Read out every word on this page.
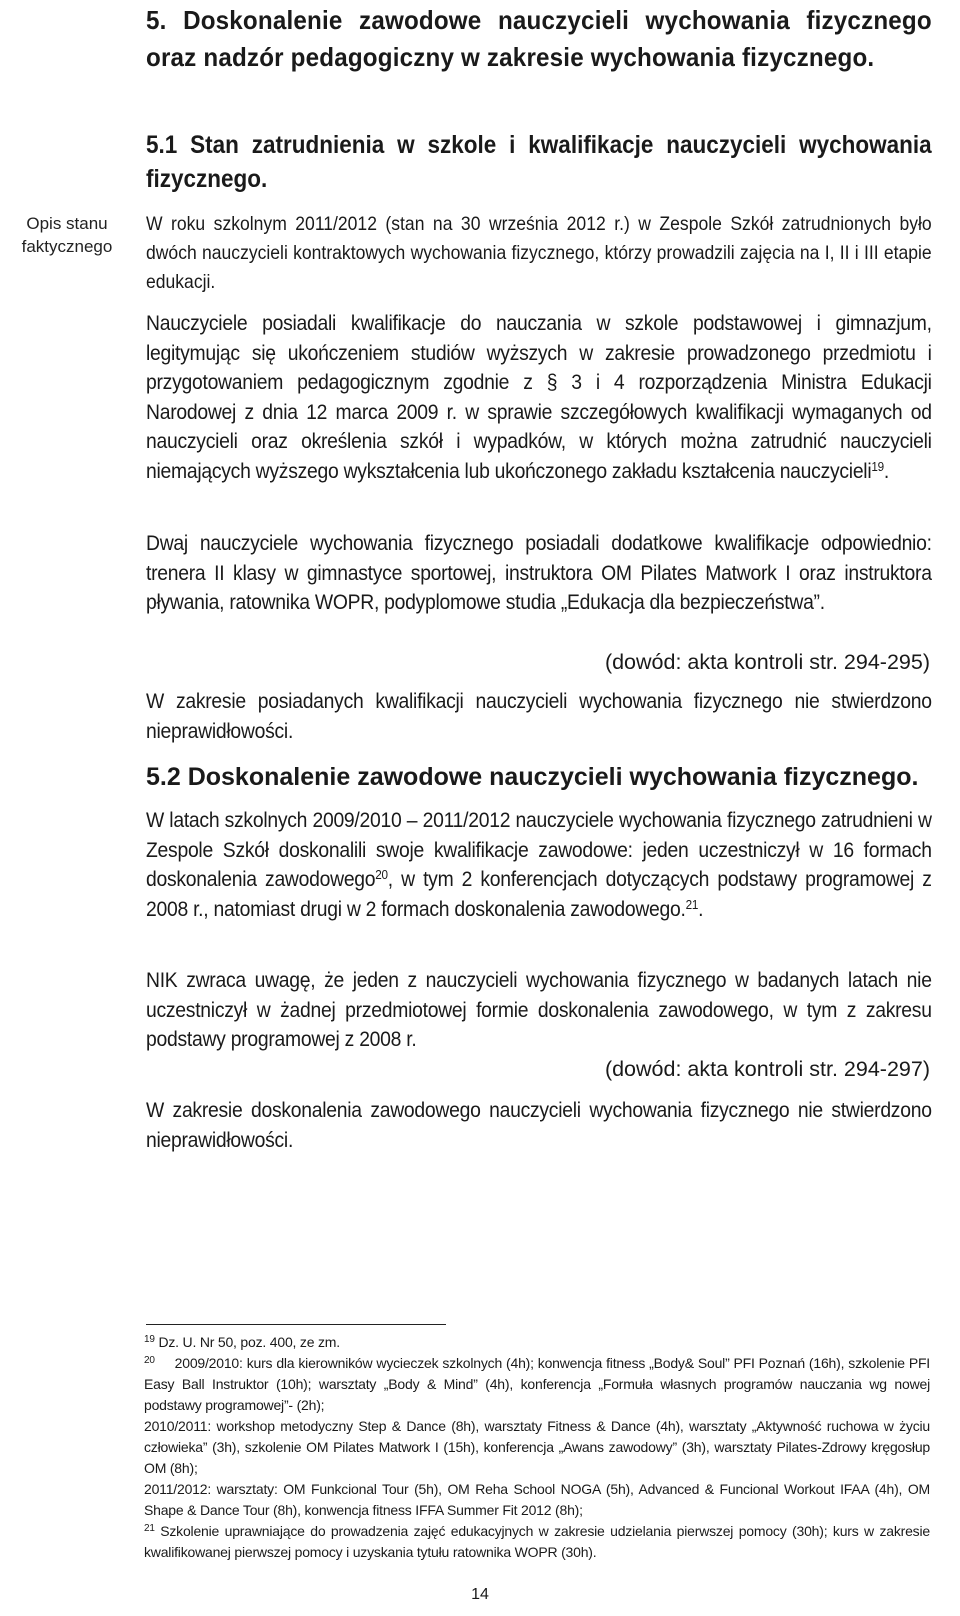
Opis stanu faktycznego
5. Doskonalenie zawodowe nauczycieli wychowania fizycznego oraz nadzór pedagogiczny w zakresie wychowania fizycznego.
5.1 Stan zatrudnienia w szkole i kwalifikacje nauczycieli wychowania fizycznego.

W roku szkolnym 2011/2012 (stan na 30 września 2012 r.) w Zespole Szkół zatrudnionych było dwóch nauczycieli kontraktowych wychowania fizycznego, którzy prowadzili zajęcia na I, II i III etapie edukacji.

Nauczyciele posiadali kwalifikacje do nauczania w szkole podstawowej i gimnazjum, legitymując się ukończeniem studiów wyższych w zakresie prowadzonego przedmiotu i przygotowaniem pedagogicznym zgodnie z § 3 i 4 rozporządzenia Ministra Edukacji Narodowej z dnia 12 marca 2009 r. w sprawie szczegółowych kwalifikacji wymaganych od nauczycieli oraz określenia szkół i wypadków, w których można zatrudnić nauczycieli niemających wyższego wykształcenia lub ukończonego zakładu kształcenia nauczycieli$^{19}$.

Dwaj nauczyciele wychowania fizycznego posiadali dodatkowe kwalifikacje odpowiednio: trenera II klasy w gimnastyce sportowej, instruktora OM Pilates Matwork I oraz instruktora pływania, ratownika WOPR, podyplomowe studia „Edukacja dla bezpieczeństwa”.

(dowód: akta kontroli str. 294-295)

W zakresie posiadanych kwalifikacji nauczycieli wychowania fizycznego nie stwierdzono nieprawidłowości.

5.2 Doskonalenie zawodowe nauczycieli wychowania fizycznego.

W latach szkolnych 2009/2010 – 2011/2012 nauczyciele wychowania fizycznego zatrudnieni w Zespole Szkół doskonalili swoje kwalifikacje zawodowe: jeden uczestniczył w 16 formach doskonalenia zawodowego$^{20}$, w tym 2 konferencjach dotyczących podstawy programowej z 2008 r., natomiast drugi w 2 formach doskonalenia zawodowego.$^{21}$.

NIK zwraca uwagę, że jeden z nauczycieli wychowania fizycznego w badanych latach nie uczestniczył w żadnej przedmiotowej formie doskonalenia zawodowego, w tym z zakresu podstawy programowej z 2008 r.

(dowód: akta kontroli str. 294-297)

W zakresie doskonalenia zawodowego nauczycieli wychowania fizycznego nie stwierdzono nieprawidłowości.

$^{19}$ Dz. U. Nr 50, poz. 400, ze zm.
$^{20}$ 2009/2010: kurs dla kierowników wycieczek szkolnych (4h); konwencja fitness „Body& Soul” PFI Poznań (16h), szkolenie PFI Easy Ball Instruktor (10h); warsztaty „Body & Mind” (4h), konferencja „Formuła własnych programów nauczania wg nowej podstawy programowej”- (2h);
2010/2011: workshop metodyczny Step & Dance (8h), warsztaty Fitness & Dance (4h), warsztaty „Aktywność ruchowa w życiu człowieka” (3h), szkolenie OM Pilates Matwork I (15h), konferencja „Awans zawodowy” (3h), warsztaty Pilates-Zdrowy kręgosłup OM (8h);
2011/2012: warsztaty: OM Funkcional Tour (5h), OM Reha School NOGA (5h), Advanced & Funcional Workout IFAA (4h), OM Shape & Dance Tour (8h), konwencja fitness IFFA Summer Fit 2012 (8h);
$^{21}$ Szkolenie uprawniające do prowadzenia zajęć edukacyjnych w zakresie udzielania pierwszej pomocy (30h); kurs w zakresie kwalifikowanej pierwszej pomocy i uzyskania tytułu ratownika WOPR (30h).
14
